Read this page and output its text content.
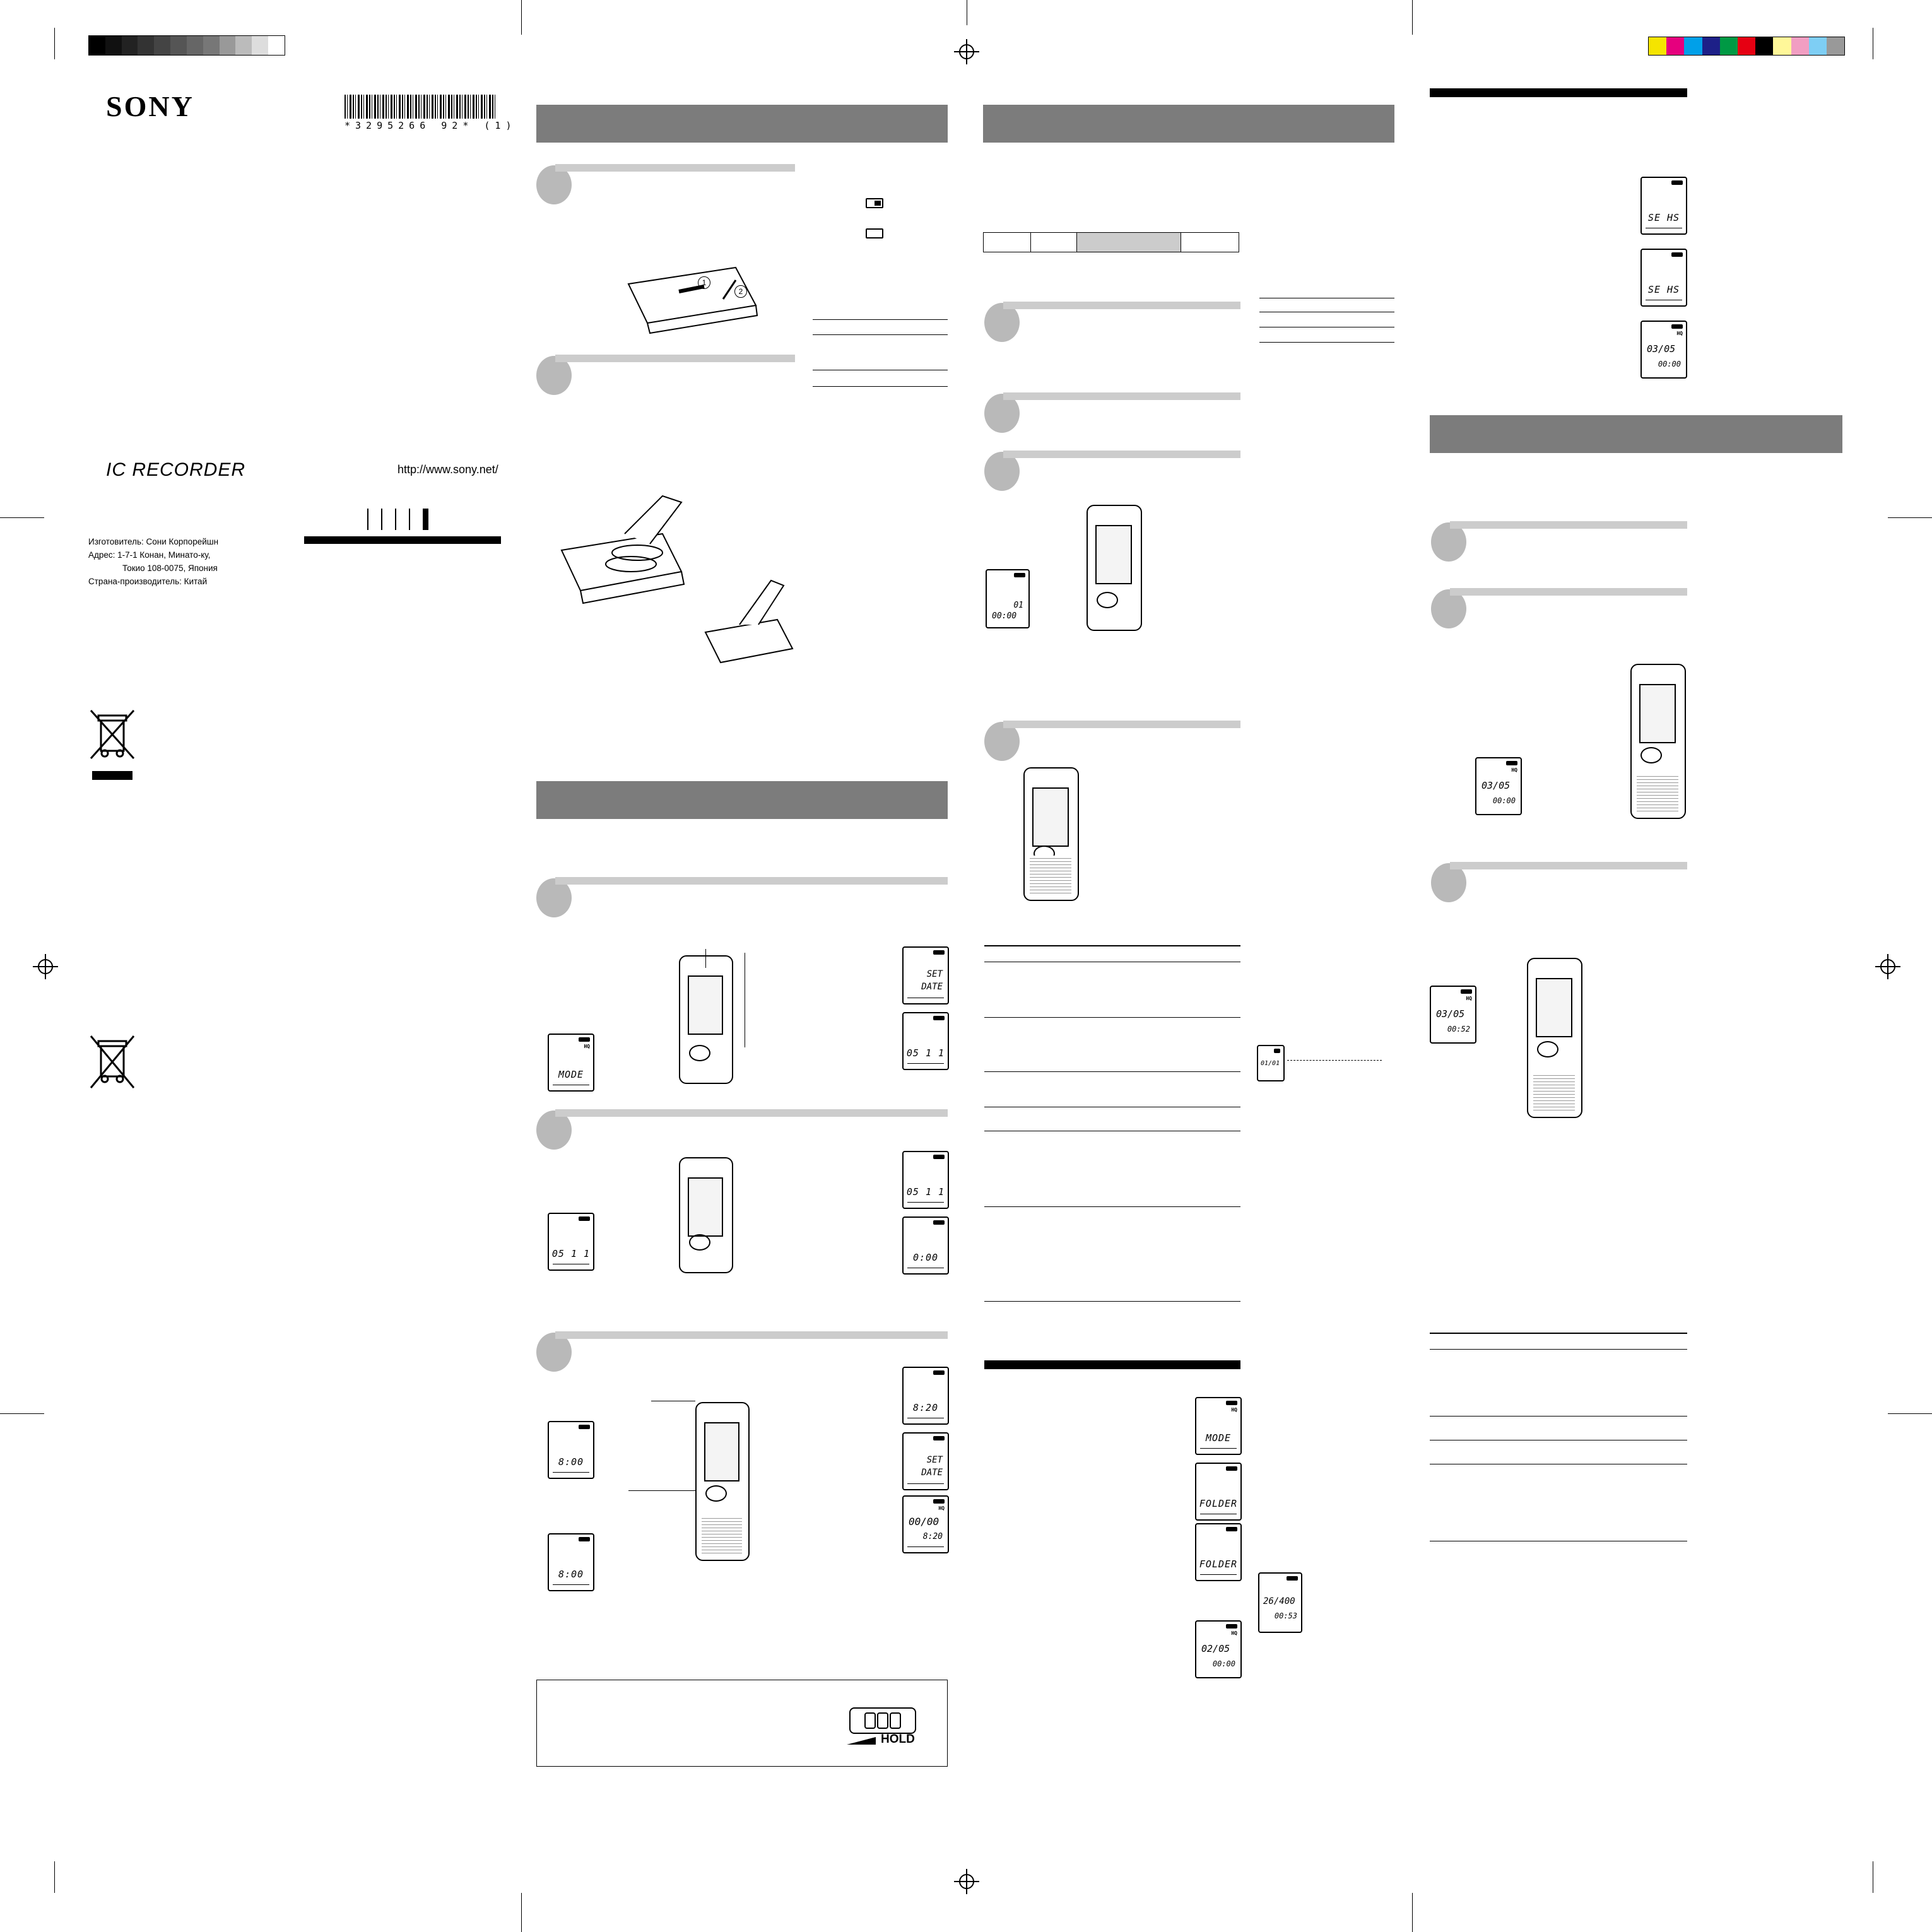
SONY
*3295266 92* (1)
IC RECORDER	http://www.sony.net/
Изготовитель: Сони Корпорейшн
Адрес: 1-7-1 Конан, Минато-ку,
Токио 108-0075, Япония
Страна-производитель: Китай
1
2
HQ
MODE
SET
DATE
05 1 1
05 1 1
05 1 1
0:00
8:00
8:00
8:20
SET
DATE
HQ
00/00
8:20
HOLD
01
00:00
01/01
HQ
MODE
FOLDER
FOLDER
26/400
00:53
HQ
02/05
00:00
SE HS
SE HS
HQ
03/05
00:00
HQ
03/05
00:00
HQ
03/05
00:52
